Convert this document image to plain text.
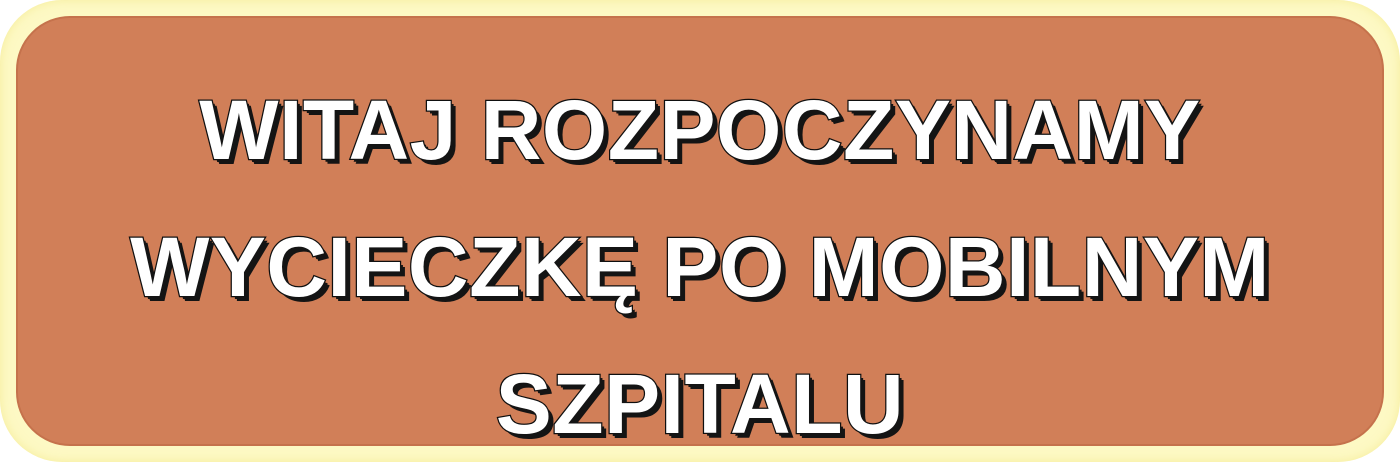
WITAJ ROZPOCZYNAMY
WYCIECZKĘ PO MOBILNYM
SZPITALU
